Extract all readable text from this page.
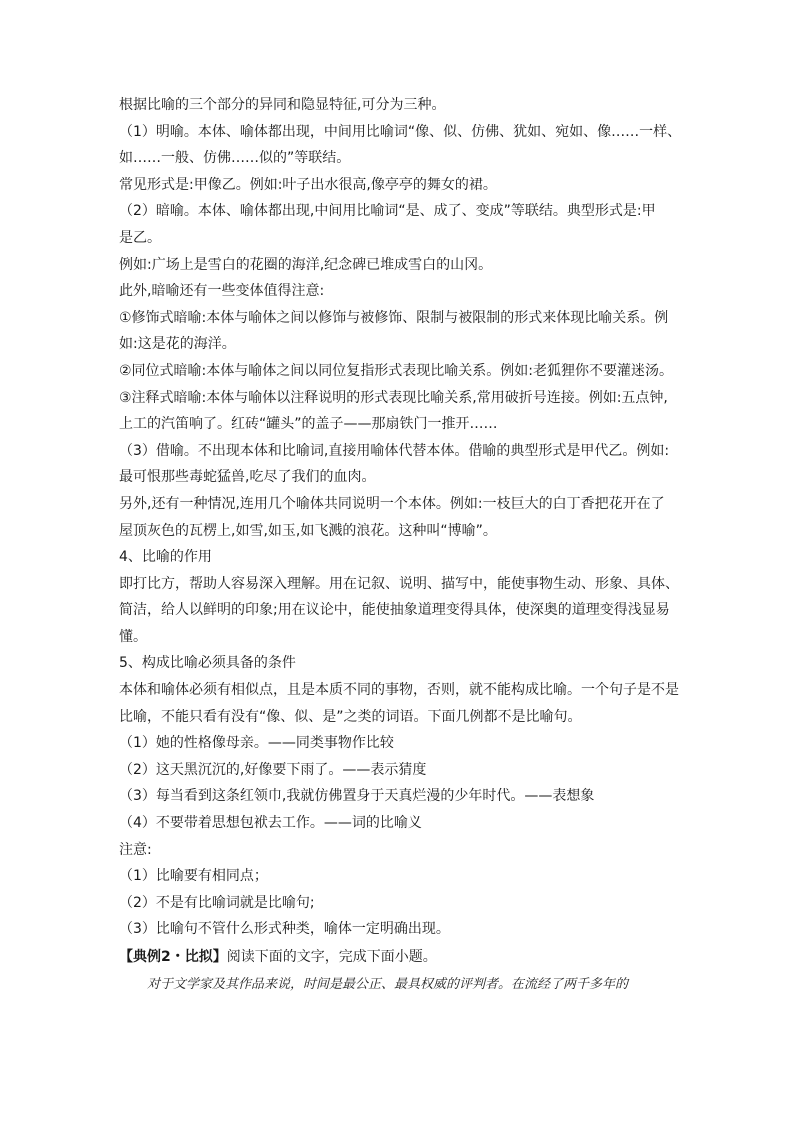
根据比喻的三个部分的异同和隐显特征,可分为三种。
（1）明喻。本体、喻体都出现，中间用比喻词“像、似、仿佛、犹如、宛如、像……一样、
如……一般、仿佛……似的”等联结。
常见形式是:甲像乙。例如:叶子出水很高,像亭亭的舞女的裙。
（2）暗喻。本体、喻体都出现,中间用比喻词“是、成了、变成”等联结。典型形式是:甲
是乙。
例如:广场上是雪白的花圈的海洋,纪念碑已堆成雪白的山冈。
此外,暗喻还有一些变体值得注意:
①修饰式暗喻:本体与喻体之间以修饰与被修饰、限制与被限制的形式来体现比喻关系。例
如:这是花的海洋。
②同位式暗喻:本体与喻体之间以同位复指形式表现比喻关系。例如:老狐狸你不要灌迷汤。
③注释式暗喻:本体与喻体以注释说明的形式表现比喻关系,常用破折号连接。例如:五点钟,
上工的汽笛响了。红砖“罐头”的盖子——那扇铁门一推开……
（3）借喻。不出现本体和比喻词,直接用喻体代替本体。借喻的典型形式是甲代乙。例如:
最可恨那些毒蛇猛兽,吃尽了我们的血肉。
另外,还有一种情况,连用几个喻体共同说明一个本体。例如:一枝巨大的白丁香把花开在了
屋顶灰色的瓦楞上,如雪,如玉,如飞溅的浪花。这种叫“博喻”。
4、比喻的作用
即打比方，帮助人容易深入理解。用在记叙、说明、描写中，能使事物生动、形象、具体、
简洁，给人以鲜明的印象;用在议论中，能使抽象道理变得具体，使深奥的道理变得浅显易
懂。
5、构成比喻必须具备的条件
本体和喻体必须有相似点，且是本质不同的事物，否则，就不能构成比喻。一个句子是不是
比喻，不能只看有没有“像、似、是”之类的词语。下面几例都不是比喻句。
（1）她的性格像母亲。——同类事物作比较
（2）这天黑沉沉的,好像要下雨了。——表示猜度
（3）每当看到这条红领巾,我就仿佛置身于天真烂漫的少年时代。——表想象
（4）不要带着思想包袱去工作。——词的比喻义
注意:
（1）比喻要有相同点；
（2）不是有比喻词就是比喻句;
（3）比喻句不管什么形式种类，喻体一定明确出现。
【典例2・比拟】阅读下面的文字，完成下面小题。
对于文学家及其作品来说，时间是最公正、最具权威的评判者。在流经了两千多年的
